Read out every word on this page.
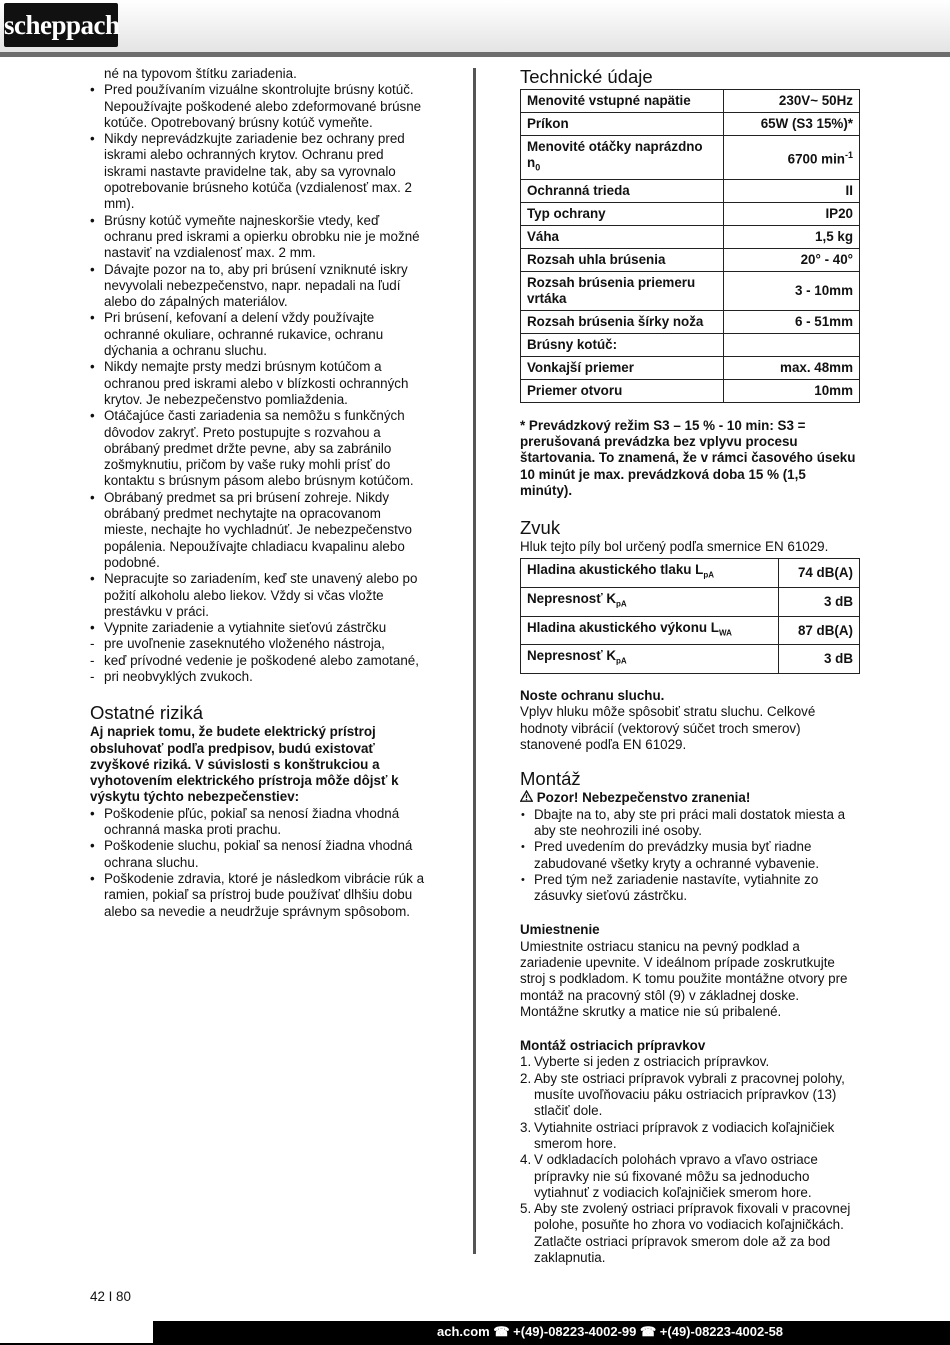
scheppach

né na typovom štítku zariadenia.

• Pred používaním vizuálne skontrolujte brúsny kotúč. Nepoužívajte poškodené alebo zdeformované brúsne kotúče. Opotrebovaný brúsny kotúč vymeňte.
• Nikdy neprevádzkujte zariadenie bez ochrany pred iskrami alebo ochranných krytov. Ochranu pred iskrami nastavte pravidelne tak, aby sa vyrovnalo opotrebovanie brúsneho kotúča (vzdialenosť max. 2 mm).
• Brúsny kotúč vymeňte najneskoršie vtedy, keď ochranu pred iskrami a opierku obrobku nie je možné nastaviť na vzdialenosť max. 2 mm.
• Dávajte pozor na to, aby pri brúsení vzniknuté iskry nevyvolali nebezpečenstvo, napr. nepadali na ľudí alebo do zápalných materiálov.
• Pri brúsení, kefovaní a delení vždy používajte ochranné okuliare, ochranné rukavice, ochranu dýchania a ochranu sluchu.
• Nikdy nemajte prsty medzi brúsnym kotúčom a ochranou pred iskrami alebo v blízkosti ochranných krytov. Je nebezpečenstvo pomliaždenia.
• Otáčajúce časti zariadenia sa nemôžu s funkčných dôvodov zakryť. Preto postupujte s rozvahou a obrábaný predmet držte pevne, aby sa zabránilo zošmyknutiu, pričom by vaše ruky mohli prísť do kontaktu s brúsnym pásom alebo brúsnym kotúčom.
• Obrábaný predmet sa pri brúsení zohreje. Nikdy obrábaný predmet nechytajte na opracovanom mieste, nechajte ho vychladnúť. Je nebezpečenstvo popálenia. Nepoužívajte chladiacu kvapalinu alebo podobné.
• Nepracujte so zariadením, keď ste unavený alebo po požití alkoholu alebo liekov. Vždy si včas vložte prestávku v práci.
• Vypnite zariadenie a vytiahnite sieťovú zástrčku
- pre uvoľnenie zaseknutého vloženého nástroja,
- keď prívodné vedenie je poškodené alebo zamotané,
- pri neobvyklých zvukoch.
Ostatné riziká

Aj napriek tomu, že budete elektrický prístroj obsluhovať podľa predpisov, budú existovať zvyškové riziká. V súvislosti s konštrukciou a vyhotovením elektrického prístroja môže dôjsť k výskytu týchto nebezpečenstiev:

• Poškodenie pľúc, pokiaľ sa nenosí žiadna vhodná ochranná maska proti prachu.
• Poškodenie sluchu, pokiaľ sa nenosí žiadna vhodná ochrana sluchu.
• Poškodenie zdravia, ktoré je následkom vibrácie rúk a ramien, pokiaľ sa prístroj bude používať dlhšiu dobu alebo sa nevedie a neudržuje správnym spôsobom.
Technické údaje
Menovité vstupné napätie	230V~ 50Hz
Príkon	65W (S3 15%)*
Menovité otáčky naprázdno $n_0$	6700 $\min^{-1}$
Ochranná trieda	II
Typ ochrany	IP20
Váha	1,5 kg
Rozsah uhla brúsenia	20° - 40°
Rozsah brúsenia priemeru vrtáka	3 - 10mm
Rozsah brúsenia šírky noža	6 - 51mm
Brúsny kotúč:	
Vonkajší priemer	max. 48mm
Priemer otvoru	10mm

* Prevádzkový režim S3 – 15 % - 10 min: S3 = prerušovaná prevádzka bez vplyvu procesu štartovania. To znamená, že v rámci časového úseku 10 minút je max. prevádzková doba 15 % (1,5 minúty).

Zvuk

Hluk tejto píly bol určený podľa smernice EN 61029.

Hladina akustického tlaku $L_{pA}$	74 dB(A)
Nepresnosť $K_{pA}$	3 dB
Hladina akustického výkonu $L_{WA}$	87 dB(A)
Nepresnosť $K_{pA}$	3 dB

Noste ochranu sluchu.

Vplyv hluku môže spôsobiť stratu sluchu. Celkové hodnoty vibrácií (vektorový súčet troch smerov) stanovené podľa EN 61029.

Montáž

Pozor! Nebezpečenstvo zranenia!

• Dbajte na to, aby ste pri práci mali dostatok miesta a aby ste neohrozili iné osoby.
• Pred uvedením do prevádzky musia byť riadne zabudované všetky kryty a ochranné vybavenie.
• Pred tým než zariadenie nastavíte, vytiahnite zo zásuvky sieťovú zástrčku.

Umiestnenie

Umiestnite ostriacu stanicu na pevný podklad a zariadenie upevnite. V ideálnom prípade zoskrutkujte stroj s podkladom. K tomu použite montážne otvory pre montáž na pracovný stôl (9) v základnej doske. Montážne skrutky a matice nie sú pribalené.

Montáž ostriacich prípravkov

1. Vyberte si jeden z ostriacich prípravkov.
2. Aby ste ostriaci prípravok vybrali z pracovnej polohy, musíte uvoľňovaciu páku ostriacich prípravkov (13) stlačiť dole.
3. Vytiahnite ostriaci prípravok z vodiacich koľajničiek smerom hore.
4. V odkladacích polohách vpravo a vľavo ostriace prípravky nie sú fixované môžu sa jednoducho vytiahnuť z vodiacich koľajničiek smerom hore.
5. Aby ste zvolený ostriaci prípravok fixovali v pracovnej polohe, posuňte ho zhora vo vodiacich koľajničkách. Zatlačte ostriaci prípravok smerom dole až za bod zaklapnutia.
42 I 80
ach.com ☎ +(49)-08223-4002-99 ☎ +(49)-08223-4002-58
